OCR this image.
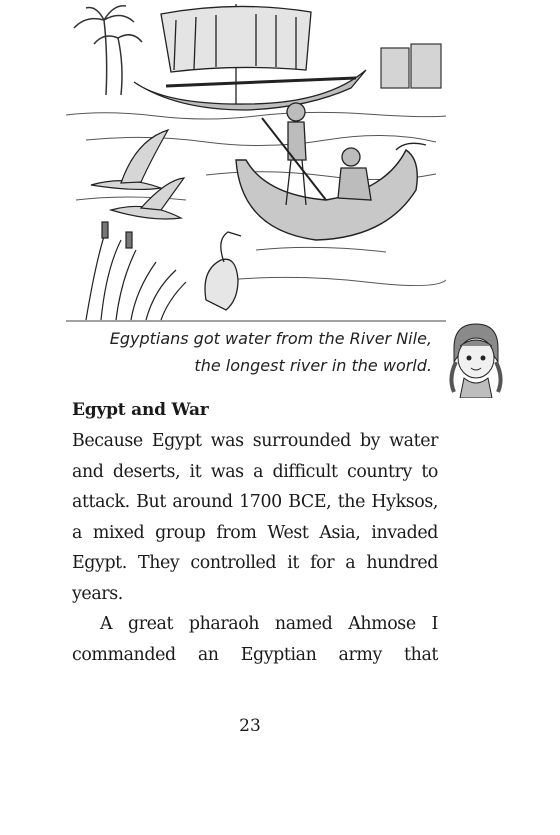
Egyptians got water from the River Nile,
the longest river in the world.
Egypt and War

Because Egypt was surrounded by water and deserts, it was a difficult country to attack. But around 1700 BCE, the Hyksos, a mixed group from West Asia, invaded Egypt. They controlled it for a hundred years.

A great pharaoh named Ahmose I commanded an Egyptian army that

23
